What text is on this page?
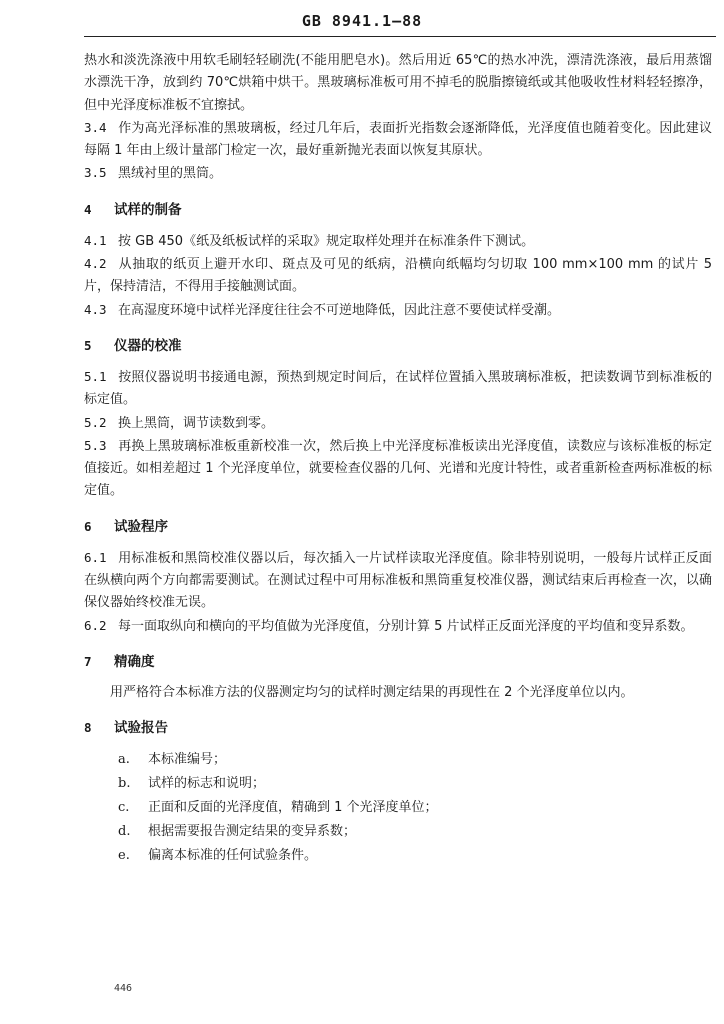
GB 8941.1—88

热水和淡洗涤液中用软毛刷轻轻刷洗(不能用肥皂水)。然后用近 65℃的热水冲洗，漂清洗涤液，最后用蒸馏水漂洗干净，放到约 70℃烘箱中烘干。黑玻璃标准板可用不掉毛的脱脂擦镜纸或其他吸收性材料轻轻擦净，但中光泽度标准板不宜擦拭。

3.4 作为高光泽标准的黑玻璃板，经过几年后，表面折光指数会逐渐降低，光泽度值也随着变化。因此建议每隔 1 年由上级计量部门检定一次，最好重新抛光表面以恢复其原状。

3.5 黑绒衬里的黑筒。

4 试样的制备

4.1 按 GB 450《纸及纸板试样的采取》规定取样处理并在标准条件下测试。

4.2 从抽取的纸页上避开水印、斑点及可见的纸病，沿横向纸幅均匀切取 100 mm×100 mm 的试片 5 片，保持清洁，不得用手接触测试面。

4.3 在高湿度环境中试样光泽度往往会不可逆地降低，因此注意不要使试样受潮。

5 仪器的校准

5.1 按照仪器说明书接通电源，预热到规定时间后，在试样位置插入黑玻璃标准板，把读数调节到标准板的标定值。

5.2 换上黑筒，调节读数到零。

5.3 再换上黑玻璃标准板重新校准一次，然后换上中光泽度标准板读出光泽度值，读数应与该标准板的标定值接近。如相差超过 1 个光泽度单位，就要检查仪器的几何、光谱和光度计特性，或者重新检查两标准板的标定值。

6 试验程序

6.1 用标准板和黑筒校准仪器以后，每次插入一片试样读取光泽度值。除非特别说明，一般每片试样正反面在纵横向两个方向都需要测试。在测试过程中可用标准板和黑筒重复校准仪器，测试结束后再检查一次，以确保仪器始终校准无误。

6.2 每一面取纵向和横向的平均值做为光泽度值，分别计算 5 片试样正反面光泽度的平均值和变异系数。

7 精确度

用严格符合本标准方法的仪器测定均匀的试样时测定结果的再现性在 2 个光泽度单位以内。

8 试验报告
a. 本标准编号；
b. 试样的标志和说明；
c. 正面和反面的光泽度值，精确到 1 个光泽度单位；
d. 根据需要报告测定结果的变异系数；
e. 偏离本标准的任何试验条件。
446
